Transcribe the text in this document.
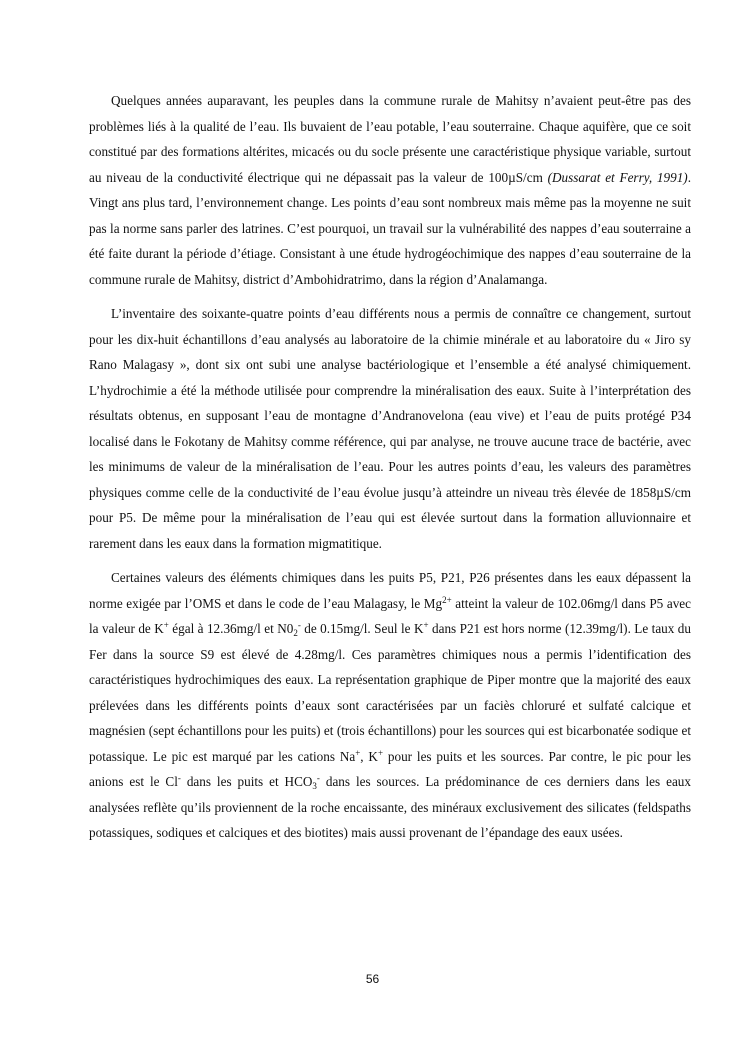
Quelques années auparavant, les peuples dans la commune rurale de Mahitsy n’avaient peut-être pas des problèmes liés à la qualité de l’eau. Ils buvaient de l’eau potable, l’eau souterraine. Chaque aquifère, que ce soit constitué par des formations altérites, micacés ou du socle présente une caractéristique physique variable, surtout au niveau de la conductivité électrique qui ne dépassait pas la valeur de 100µS/cm (Dussarat et Ferry, 1991). Vingt ans plus tard, l’environnement change. Les points d’eau sont nombreux mais même pas la moyenne ne suit pas la norme sans parler des latrines. C’est pourquoi, un travail sur la vulnérabilité des nappes d’eau souterraine a été faite durant la période d’étiage. Consistant à une étude hydrogéochimique des nappes d’eau souterraine de la commune rurale de Mahitsy, district d’Ambohidratrimo, dans la région d’Analamanga.

L’inventaire des soixante-quatre points d’eau différents nous a permis de connaître ce changement, surtout pour les dix-huit échantillons d’eau analysés au laboratoire de la chimie minérale et au laboratoire du « Jiro sy Rano Malagasy », dont six ont subi une analyse bactériologique et l’ensemble a été analysé chimiquement. L’hydrochimie a été la méthode utilisée pour comprendre la minéralisation des eaux. Suite à l’interprétation des résultats obtenus, en supposant l’eau de montagne d’Andranovelona (eau vive) et l’eau de puits protégé P34 localisé dans le Fokotany de Mahitsy comme référence, qui par analyse, ne trouve aucune trace de bactérie, avec les minimums de valeur de la minéralisation de l’eau. Pour les autres points d’eau, les valeurs des paramètres physiques comme celle de la conductivité de l’eau évolue jusqu’à atteindre un niveau très élevée de 1858µS/cm pour P5. De même pour la minéralisation de l’eau qui est élevée surtout dans la formation alluvionnaire et rarement dans les eaux dans la formation migmatitique.

Certaines valeurs des éléments chimiques dans les puits P5, P21, P26 présentes dans les eaux dépassent la norme exigée par l’OMS et dans le code de l’eau Malagasy, le $Mg^{2+}$ atteint la valeur de 102.06mg/l dans P5 avec la valeur de K+ égal à 12.36mg/l et $N0_2^-$ de 0.15mg/l. Seul le K+ dans P21 est hors norme (12.39mg/l). Le taux du Fer dans la source S9 est élevé de 4.28mg/l. Ces paramètres chimiques nous a permis l’identification des caractéristiques hydrochimiques des eaux. La représentation graphique de Piper montre que la majorité des eaux prélevées dans les différents points d’eaux sont caractérisées par un faciès chloruré et sulfaté calcique et magnésien (sept échantillons pour les puits) et (trois échantillons) pour les sources qui est bicarbonatée sodique et potassique. Le pic est marqué par les cations Na+, K+ pour les puits et les sources. Par contre, le pic pour les anions est le Cl- dans les puits et $HCO_3^-$ dans les sources. La prédominance de ces derniers dans les eaux analysées reflète qu’ils proviennent de la roche encaissante, des minéraux exclusivement des silicates (feldspaths potassiques, sodiques et calciques et des biotites) mais aussi provenant de l’épandage des eaux usées.

56
